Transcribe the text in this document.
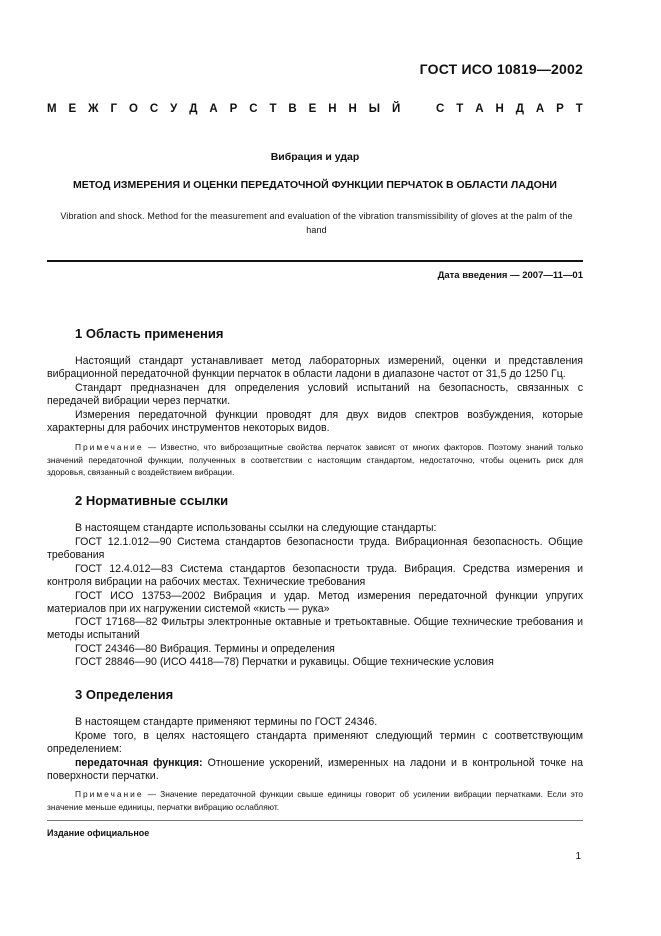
ГОСТ ИСО 10819—2002
М Е Ж Г О С У Д А Р С Т В Е Н Н Ы Й	С Т А Н Д А Р Т
Вибрация и удар
МЕТОД ИЗМЕРЕНИЯ И ОЦЕНКИ ПЕРЕДАТОЧНОЙ ФУНКЦИИ ПЕРЧАТОК В ОБЛАСТИ ЛАДОНИ
Vibration and shock. Method for the measurement and evaluation of the vibration transmissibility of gloves at the palm of the hand
Дата введения — 2007—11—01
1 Область применения
Настоящий стандарт устанавливает метод лабораторных измерений, оценки и представления вибрационной передаточной функции перчаток в области ладони в диапазоне частот от 31,5 до 1250 Гц.
Стандарт предназначен для определения условий испытаний на безопасность, связанных с передачей вибрации через перчатки.
Измерения передаточной функции проводят для двух видов спектров возбуждения, которые характерны для рабочих инструментов некоторых видов.
Примечание — Известно, что вибpозащитные свойства перчаток зависят от многих факторов. Поэтому знаний только значений передаточной функции, полученных в соответствии с настоящим стандартом, недостаточно, чтобы оценить риск для здоровья, связанный с воздействием вибрации.
2 Нормативные ссылки
В настоящем стандарте использованы ссылки на следующие стандарты:
ГОСТ 12.1.012—90 Система стандартов безопасности труда. Вибрационная безопасность. Общие требования
ГОСТ 12.4.012—83 Система стандартов безопасности труда. Вибрация. Средства измерения и контроля вибрации на рабочих местах. Технические требования
ГОСТ ИСО 13753—2002 Вибрация и удар. Метод измерения передаточной функции упругих материалов при их нагружении системой «кисть — рука»
ГОСТ 17168—82 Фильтры электронные октавные и третьоктавные. Общие технические требования и методы испытаний
ГОСТ 24346—80 Вибрация. Термины и определения
ГОСТ 28846—90 (ИСО 4418—78) Перчатки и рукавицы. Общие технические условия
3 Определения
В настоящем стандарте применяют термины по ГОСТ 24346.
Кроме того, в целях настоящего стандарта применяют следующий термин с соответствующим определением:
передаточная функция: Отношение ускорений, измеренных на ладони и в контрольной точке на поверхности перчатки.
Примечание — Значение передаточной функции свыше единицы говорит об усилении вибрации перчатками. Если это значение меньше единицы, перчатки вибрацию ослабляют.
Издание официальное
1
